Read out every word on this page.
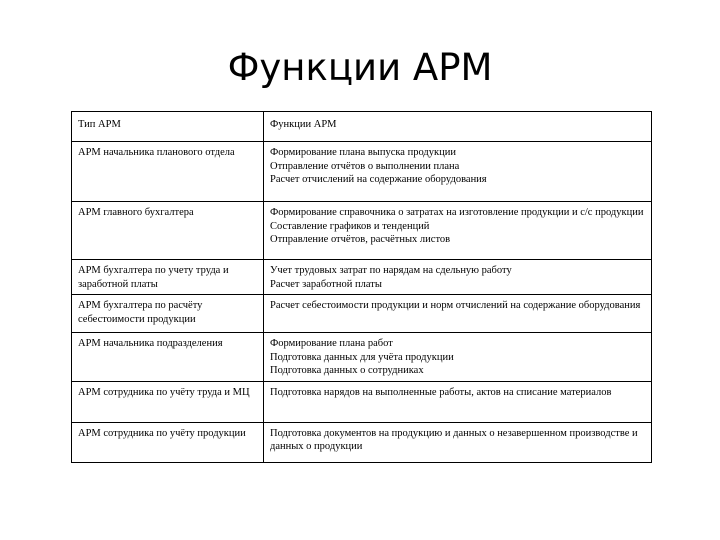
Функции АРМ
Тип АРМ	Функции АРМ
АРМ начальника планового отдела	Формирование плана выпуска продукции
Отправление отчётов о выполнении плана
Расчет отчислений на содержание оборудования

АРМ главного бухгалтера	Формирование справочника о затратах на изготовление продукции и с/с продукции
Составление графиков и тенденций
Отправление отчётов, расчётных листов

АРМ бухгалтера по учету труда и заработной платы	Учет трудовых затрат по нарядам на сдельную работу
Расчет заработной платы

АРМ бухгалтера по расчёту себестоимости продукции	Расчет себестоимости продукции и норм отчислений на содержание оборудования

АРМ начальника подразделения	Формирование плана работ
Подготовка данных для учёта продукции
Подготовка данных о сотрудниках

АРМ сотрудника по учёту труда и МЦ	Подготовка нарядов на выполненные работы, актов на списание материалов

АРМ сотрудника по учёту продукции	Подготовка документов на продукцию и данных о незавершенном производстве и данных о продукции
